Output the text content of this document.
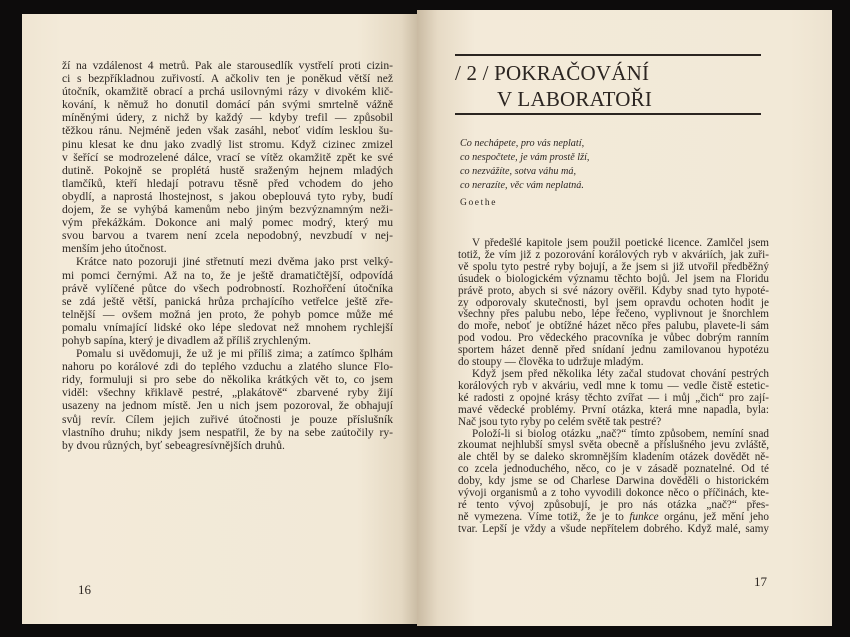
ží na vzdálenost 4 metrů. Pak ale starousedlík vystřelí proti cizin-
ci s bezpříkladnou zuřivostí. A ačkoliv ten je poněkud větší než
útočník, okamžitě obrací a prchá usilovnými rázy v divokém klič-
kování, k němuž ho donutil domácí pán svými smrtelně vážně
míněnými údery, z nichž by každý — kdyby trefil — způsobil
těžkou ránu. Nejméně jeden však zasáhl, neboť vidím lesklou šu-
pinu klesat ke dnu jako zvadlý list stromu. Když cizinec zmizel
v šeřící se modrozelené dálce, vrací se vítěz okamžitě zpět ke své
dutině. Pokojně se proplétá hustě sraženým hejnem mladých
tlamčíků, kteří hledají potravu těsně před vchodem do jeho
obydlí, a naprostá lhostejnost, s jakou obeplouvá tyto ryby, budí
dojem, že se vyhýbá kamenům nebo jiným bezvýznamným neži-
vým překážkám. Dokonce ani malý pomec modrý, který mu
svou barvou a tvarem není zcela nepodobný, nevzbudí v nej-
menším jeho útočnost.
Krátce nato pozoruji jiné střetnutí mezi dvěma jako prst velký-
mi pomci černými. Až na to, že je ještě dramatičtější, odpovídá
právě vylíčené půtce do všech podrobností. Rozhořčení útočníka
se zdá ještě větší, panická hrůza prchajícího vetřelce ještě zře-
telnější — ovšem možná jen proto, že pohyb pomce může mé
pomalu vnímající lidské oko lépe sledovat než mnohem rychlejší
pohyb sapína, který je divadlem až příliš zrychleným.
Pomalu si uvědomuji, že už je mi příliš zima; a zatímco šplhám
nahoru po korálové zdi do teplého vzduchu a zlatého slunce Flo-
ridy, formuluji si pro sebe do několika krátkých vět to, co jsem
viděl: všechny křiklavě pestré, „plakátově“ zbarvené ryby žijí
usazeny na jednom místě. Jen u nich jsem pozoroval, že obhajují
svůj revír. Cílem jejich zuřivé útočnosti je pouze příslušník
vlastního druhu; nikdy jsem nespatřil, že by na sebe zaútočily ry-
by dvou různých, byť sebeagresívnějších druhů.
16
/ 2 / POKRAČOVÁNÍ
V LABORATOŘI
Co nechápete, pro vás neplatí,
co nespočtete, je vám prostě lží,
co nezvážíte, sotva váhu má,
co nerazíte, věc vám neplatná.
Goethe
V předešlé kapitole jsem použil poetické licence. Zamlčel jsem
totiž, že vím již z pozorování korálových ryb v akváriích, jak zuři-
vě spolu tyto pestré ryby bojují, a že jsem si již utvořil předběžný
úsudek o biologickém významu těchto bojů. Jel jsem na Floridu
právě proto, abych si své názory ověřil. Kdyby snad tyto hypoté-
zy odporovaly skutečnosti, byl jsem opravdu ochoten hodit je
všechny přes palubu nebo, lépe řečeno, vyplivnout je šnorchlem
do moře, neboť je obtížné házet něco přes palubu, plavete-li sám
pod vodou. Pro vědeckého pracovníka je vůbec dobrým ranním
sportem házet denně před snídaní jednu zamilovanou hypotézu
do stoupy — člověka to udržuje mladým.
Když jsem před několika léty začal studovat chování pestrých
korálových ryb v akváriu, vedl mne k tomu — vedle čistě estetic-
ké radosti z opojné krásy těchto zvířat — i můj „čich“ pro zají-
mavé vědecké problémy. První otázka, která mne napadla, byla:
Nač jsou tyto ryby po celém světě tak pestré?
Položí-li si biolog otázku „nač?“ tímto způsobem, nemíní snad
zkoumat nejhlubší smysl světa obecně a příslušného jevu zvláště,
ale chtěl by se daleko skromnějším kladením otázek dovědět ně-
co zcela jednoduchého, něco, co je v zásadě poznatelné. Od té
doby, kdy jsme se od Charlese Darwina dověděli o historickém
vývoji organismů a z toho vyvodili dokonce něco o příčinách, kte-
ré tento vývoj způsobují, je pro nás otázka „nač?“ přes-
ně vymezena. Víme totiž, že je to funkce orgánu, jež mění jeho
tvar. Lepší je vždy a všude nepřítelem dobrého. Když malé, samy
17
